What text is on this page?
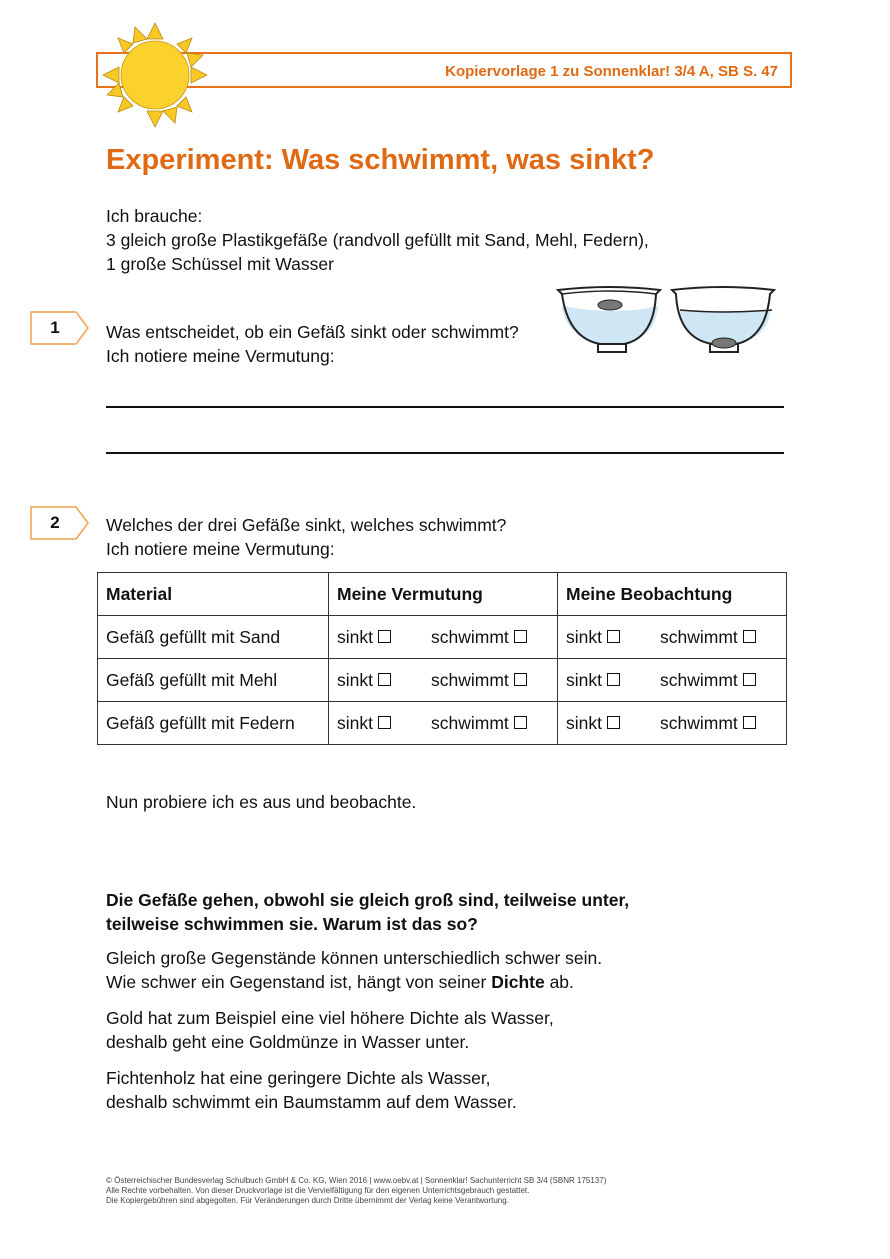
Kopiervorlage 1 zu Sonnenklar! 3/4 A, SB S. 47
Experiment: Was schwimmt, was sinkt?

Ich brauche:

3 gleich große Plastikgefäße (randvoll gefüllt mit Sand, Mehl, Federn),

1 große Schüssel mit Wasser

1	Was entscheidet, ob ein Gefäß sinkt oder schwimmt?

Ich notiere meine Vermutung:

2	Welches der drei Gefäße sinkt, welches schwimmt?

Ich notiere meine Vermutung:

Material	Meine Vermutung	Meine Beobachtung
Gefäß gefüllt mit Sand	sinkt schwimmt	sinkt schwimmt
Gefäß gefüllt mit Mehl	sinkt schwimmt	sinkt schwimmt
Gefäß gefüllt mit Federn	sinkt schwimmt	sinkt schwimmt

Nun probiere ich es aus und beobachte.

Die Gefäße gehen, obwohl sie gleich groß sind, teilweise unter,

teilweise schwimmen sie. Warum ist das so?

Gleich große Gegenstände können unterschiedlich schwer sein.

Wie schwer ein Gegenstand ist, hängt von seiner Dichte ab.

Gold hat zum Beispiel eine viel höhere Dichte als Wasser,

deshalb geht eine Goldmünze in Wasser unter.

Fichtenholz hat eine geringere Dichte als Wasser,

deshalb schwimmt ein Baumstamm auf dem Wasser.

© Österreichischer Bundesverlag Schulbuch GmbH & Co. KG, Wien 2016 | www.oebv.at | Sonnenklar! Sachunterricht SB 3/4 (SBNR 175137)
Alle Rechte vorbehalten. Von dieser Druckvorlage ist die Vervielfältigung für den eigenen Unterrichtsgebrauch gestattet.
Die Kopiergebühren sind abgegolten. Für Veränderungen durch Dritte übernimmt der Verlag keine Verantwortung.
